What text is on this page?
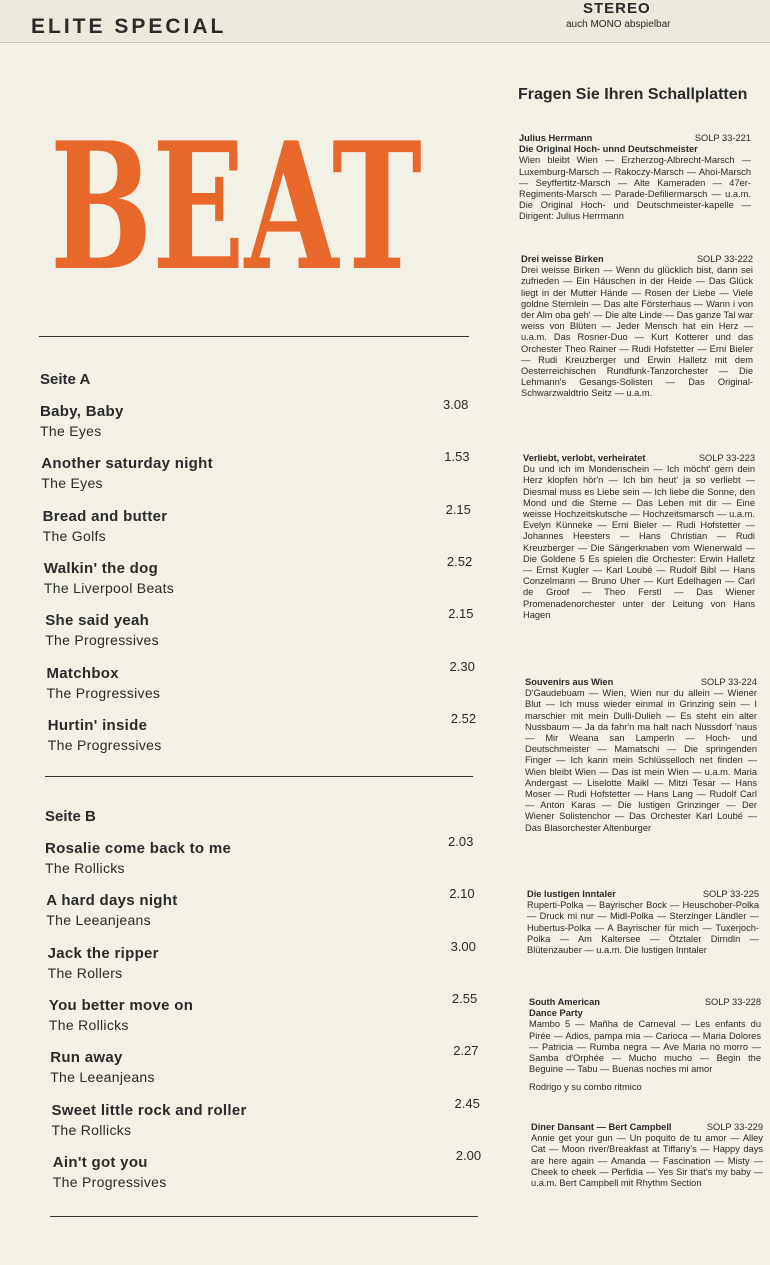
ELITE SPECIAL
STEREO
auch MONO abspielbar
BEAT
Seite A
Baby, Baby
The Eyes
3.08
Another saturday night
The Eyes
1.53
Bread and butter
The Golfs
2.15
Walkin' the dog
The Liverpool Beats
2.52
She said yeah
The Progressives
2.15
Matchbox
The Progressives
2.30
Hurtin' inside
The Progressives
2.52
Seite B
Rosalie come back to me
The Rollicks
2.03
A hard days night
The Leeanjeans
2.10
Jack the ripper
The Rollers
3.00
You better move on
The Rollicks
2.55
Run away
The Leeanjeans
2.27
Sweet little rock and roller
The Rollicks
2.45
Ain't got you
The Progressives
2.00
Fragen Sie Ihren Schallplatten
Julius Herrmann	SOLP 33-221
Die Original Hoch- unnd Deutschmeister
Wien bleibt Wien — Erzherzog-Albrecht-Marsch — Luxemburg-Marsch — Rakoczy-Marsch — Ahoi-Marsch — Seyffertitz-Marsch — Alte Kameraden — 47er-Regiments-Marsch — Parade-Defiliermarsch — u.a.m. Die Original Hoch- und Deutschmeister-kapelle — Dirigent: Julius Herrmann
Drei weisse Birken	SOLP 33-222
Drei weisse Birken — Wenn du glücklich bist, dann sei zufrieden — Ein Häuschen in der Heide — Das Glück liegt in der Mutter Hände — Rosen der Liebe — Viele goldne Sternlein — Das alte Försterhaus — Wann i von der Alm oba geh' — Die alte Linde — Das ganze Tal war weiss von Blüten — Jeder Mensch hat ein Herz — u.a.m. Das Rosner-Duo — Kurt Kotterer und das Orchester Theo Rainer — Rudi Hofstetter — Erni Bieler — Rudi Kreuzberger und Erwin Halletz mit dem Oesterreichischen Rundfunk-Tanzorchester — Die Lehmann's Gesangs-Solisten — Das Original-Schwarzwaldtrio Seitz — u.a.m.
Verliebt, verlobt, verheiratet	SOLP 33-223
Du und ich im Mondenschein — Ich möcht' gern dein Herz klopfen hör'n — Ich bin heut' ja so verliebt — Diesmal muss es Liebe sein — Ich liebe die Sonne, den Mond und die Sterne — Das Leben mit dir — Eine weisse Hochzeitskutsche — Hochzeitsmarsch — u.a.m. Evelyn Künneke — Erni Bieler — Rudi Hofstetter — Johannes Heesters — Hans Christian — Rudi Kreuzberger — Die Sängerknaben vom Wienerwald — Die Goldene 5 Es spielen die Orchester: Erwin Halletz — Ernst Kugler — Karl Loubé — Rudolf Bibl — Hans Conzelmann — Bruno Uher — Kurt Edelhagen — Carl de Groof — Theo Ferstl — Das Wiener Promenadenorchester unter der Leitung von Hans Hagen
Souvenirs aus Wien	SOLP 33-224
D'Gaudebuam — Wien, Wien nur du allein — Wiener Blut — Ich muss wieder einmal in Grinzing sein — I marschier mit mein Dulli-Dulieh — Es steht ein alter Nussbaum — Ja da fahr'n ma halt nach Nussdorf 'naus — Mir Weana san Lamperln — Hoch- und Deutschmeister — Mamatschi — Die springenden Finger — Ich kann mein Schlüsselloch net finden — Wien bleibt Wien — Das ist mein Wien — u.a.m. Maria Andergast — Liselotte Maikl — Mitzi Tesar — Hans Moser — Rudi Hofstetter — Hans Lang — Rudolf Carl — Anton Karas — Die lustigen Grinzinger — Der Wiener Solistenchor — Das Orchester Karl Loubé — Das Blasorchester Altenburger
Die lustigen Inntaler	SOLP 33-225
Ruperti-Polka — Bayrischer Bock — Heuschober-Polka — Druck mi nur — Midl-Polka — Sterzinger Ländler — Hubertus-Polka — A Bayrischer für mich — Tuxerjoch-Polka — Am Kaltersee — Ötztaler Dirndln — Blütenzauber — u.a.m. Die lustigen Inntaler
South American	SOLP 33-228
Dance Party
Mambo 5 — Mañha de Carneval — Les enfants du Pirée — Adios, pampa mia — Carioca — Maria Dolores — Patricia — Rumba negra — Ave Maria no morro — Samba d'Orphée — Mucho mucho — Begin the Beguine — Tabu — Buenas noches mi amor
Rodrigo y su combo ritmico
Diner Dansant — Bert Campbell	SOLP 33-229
Annie get your gun — Un poquito de tu amor — Alley Cat — Moon river/Breakfast at Tiffany's — Happy days are here again — Amanda — Fascination — Misty — Cheek to cheek — Perfidia — Yes Sir that's my baby — u.a.m. Bert Campbell mit Rhythm Section
